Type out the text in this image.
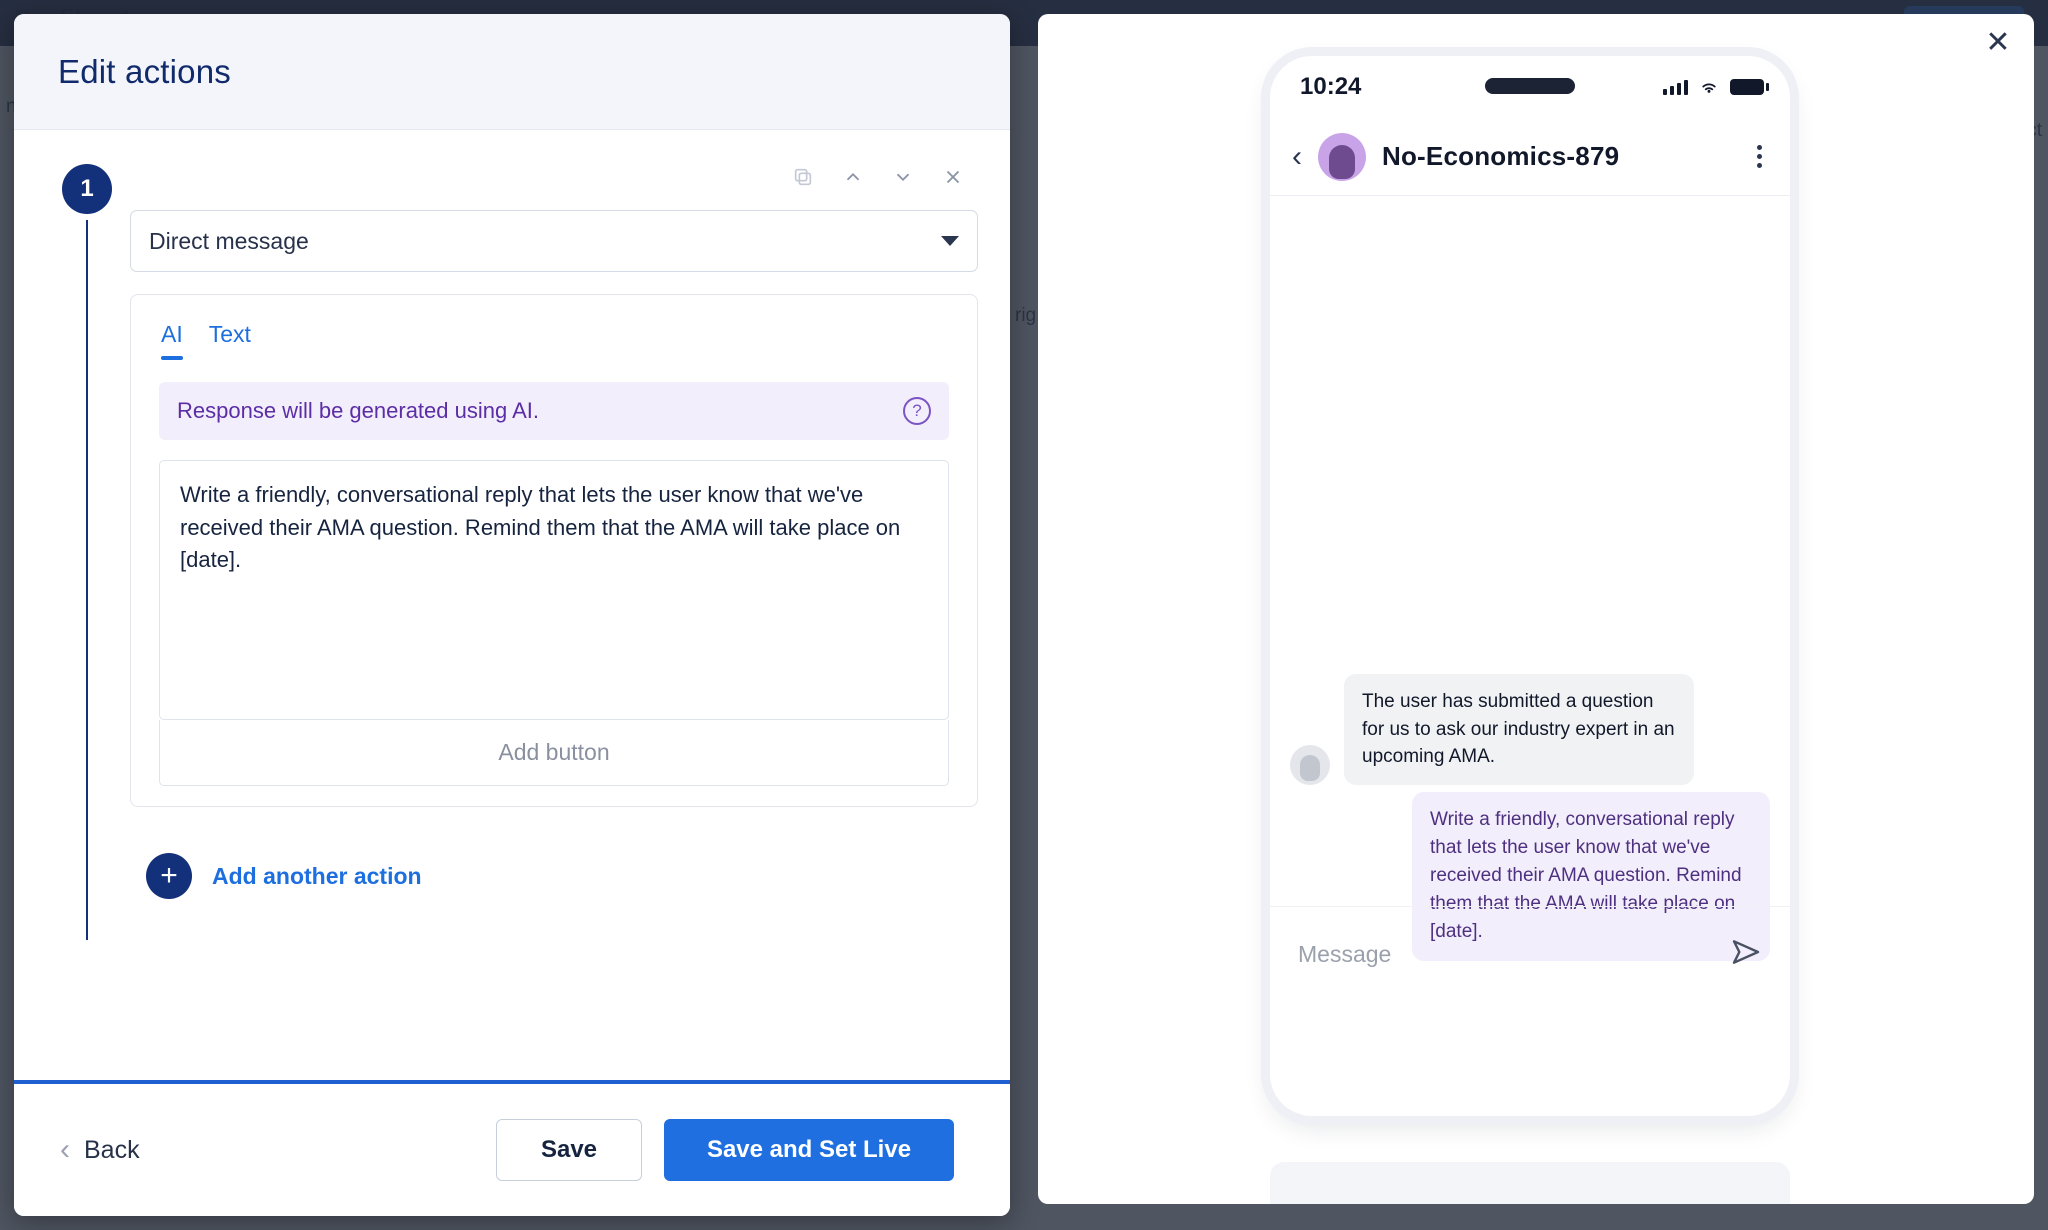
Edit actions
1
Direct message
AI Text
Response will be generated using AI.	?
Write a friendly, conversational reply that lets the user know that we've received their AMA question. Remind them that the AMA will take place on [date].
Add button
+	Add another action
‹ Back	Save	Save and Set Live
✕
10:24
‹	No-Economics-879
The user has submitted a question for us to ask our industry expert in an upcoming AMA.
Write a friendly, conversational reply that lets the user know that we've received their AMA question. Remind them that the AMA will take place on [date].
Message
